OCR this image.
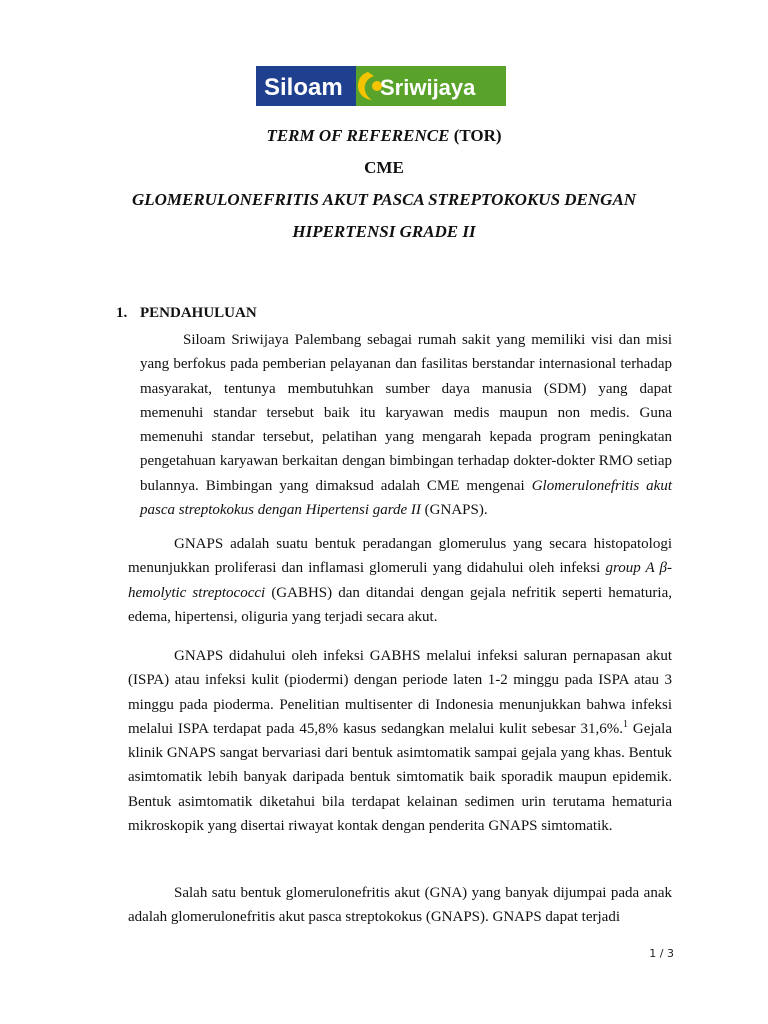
Siloam Sriwijaya

TERM OF REFERENCE (TOR)

CME

GLOMERULONEFRITIS AKUT PASCA STREPTOKOKUS DENGAN

HIPERTENSI GRADE II

1. PENDAHULUAN

Siloam Sriwijaya Palembang sebagai rumah sakit yang memiliki visi dan misi yang berfokus pada pemberian pelayanan dan fasilitas berstandar internasional terhadap masyarakat, tentunya membutuhkan sumber daya manusia (SDM) yang dapat memenuhi standar tersebut baik itu karyawan medis maupun non medis. Guna memenuhi standar tersebut, pelatihan yang mengarah kepada program peningkatan pengetahuan karyawan berkaitan dengan bimbingan terhadap dokter-dokter RMO setiap bulannya. Bimbingan yang dimaksud adalah CME mengenai Glomerulonefritis akut pasca streptokokus dengan Hipertensi garde II (GNAPS).

GNAPS adalah suatu bentuk peradangan glomerulus yang secara histopatologi menunjukkan proliferasi dan inflamasi glomeruli yang didahului oleh infeksi group A β-hemolytic streptococci (GABHS) dan ditandai dengan gejala nefritik seperti hematuria, edema, hipertensi, oliguria yang terjadi secara akut.

GNAPS didahului oleh infeksi GABHS melalui infeksi saluran pernapasan akut (ISPA) atau infeksi kulit (piodermi) dengan periode laten 1-2 minggu pada ISPA atau 3 minggu pada pioderma. Penelitian multisenter di Indonesia menunjukkan bahwa infeksi melalui ISPA terdapat pada 45,8% kasus sedangkan melalui kulit sebesar 31,6%.$^1$ Gejala klinik GNAPS sangat bervariasi dari bentuk asimtomatik sampai gejala yang khas. Bentuk asimtomatik lebih banyak daripada bentuk simtomatik baik sporadik maupun epidemik. Bentuk asimtomatik diketahui bila terdapat kelainan sedimen urin terutama hematuria mikroskopik yang disertai riwayat kontak dengan penderita GNAPS simtomatik.

Salah satu bentuk glomerulonefritis akut (GNA) yang banyak dijumpai pada anak adalah glomerulonefritis akut pasca streptokokus (GNAPS). GNAPS dapat terjadi

1 / 3
